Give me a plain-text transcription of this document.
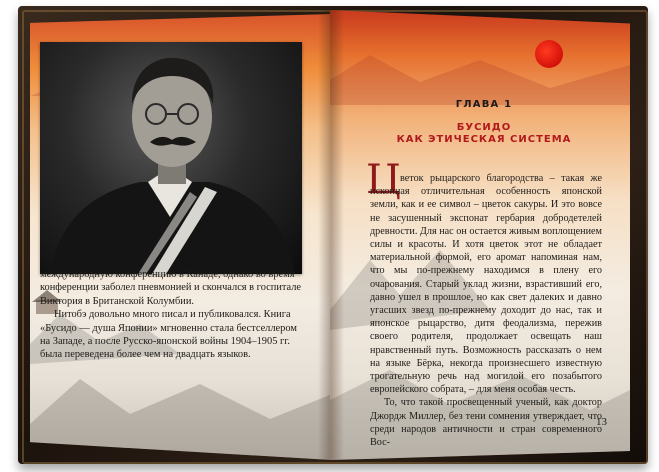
международную конференцию в Канаде, однако во время конференции заболел пневмонией и скончался в госпитале Виктория в Британской Колумбии.

Нитобэ довольно много писал и публиковался. Книга «Бусидо — душа Японии» мгновенно стала бестселлером на Западе, а после Русско-японской войны 1904–1905 гг. была переведена более чем на двадцать языков.

ГЛАВА 1
БУСИДО
КАК ЭТИЧЕСКАЯ СИСТЕМА
Ц веток рыцарского благородства – такая же исконная отличительная особенность японской земли, как и ее символ – цветок сакуры. И это вовсе не засушенный экспонат гербария добродетелей древности. Для нас он остается живым воплощением силы и красоты. И хотя цветок этот не обладает материальной формой, его аромат напоминая нам, что мы по-прежнему находимся в плену его очарования. Старый уклад жизни, взрастивший его, давно ушел в прошлое, но как свет далеких и давно угасших звезд по-прежнему доходит до нас, так и японское рыцарство, дитя феодализма, пережив своего родителя, продолжает освещать наш нравственный путь. Возможность рассказать о нем на языке Бёрка, некогда произнесшего известную трогательную речь над могилой его позабытого европейского собрата, – для меня особая честь.

То, что такой просвещенный ученый, как доктор Джордж Миллер, без тени сомнения утверждает, что среди народов античности и стран современного Вос-

13
